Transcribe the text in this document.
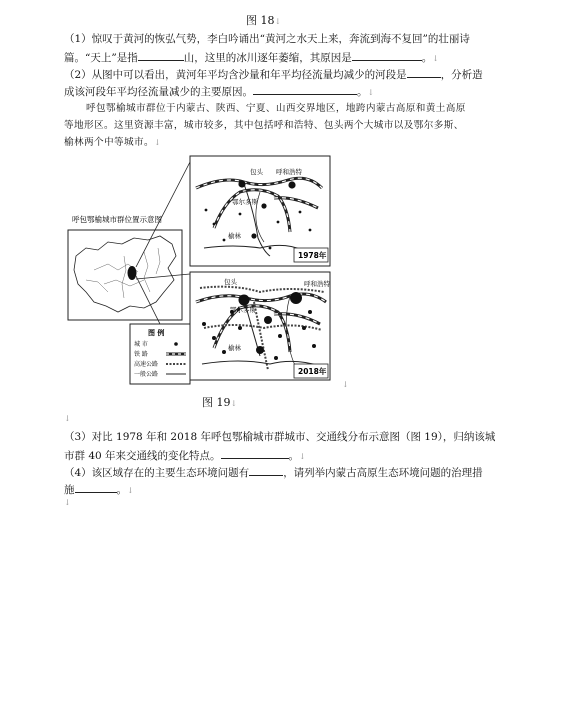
图 18↓
（1）惊叹于黄河的恢弘气势，李白吟诵出“黄河之水天上来，奔流到海不复回”的壮丽诗
篇。“天上”是指	山，这里的冰川逐年萎缩，其原因是	。↓
（2）从图中可以看出，黄河年平均含沙量和年平均径流量均减少的河段是	，分析造
成该河段年平均径流量减少的主要原因。	。↓
呼包鄂榆城市群位于内蒙古、陕西、宁夏、山西交界地区，地跨内蒙古高原和黄土高原
等地形区。这里资源丰富，城市较多，其中包括呼和浩特、包头两个大城市以及鄂尔多斯、
榆林两个中等城市。↓
呼包鄂榆城市群位置示意图
包头 呼和浩特
鄂尔多斯
榆林
1978年
包头	呼和浩特
鄂尔多斯
榆林
2018年
图 例
城 市
铁 路
高速公路
一般公路
↓
图 19↓
↓
（3）对比 1978 年和 2018 年呼包鄂榆城市群城市、交通线分布示意图（图 19），归纳该城
市群 40 年来交通线的变化特点。	。↓
（4）该区域存在的主要生态环境问题有	，请列举内蒙古高原生态环境问题的治理措
施	。↓
↓
